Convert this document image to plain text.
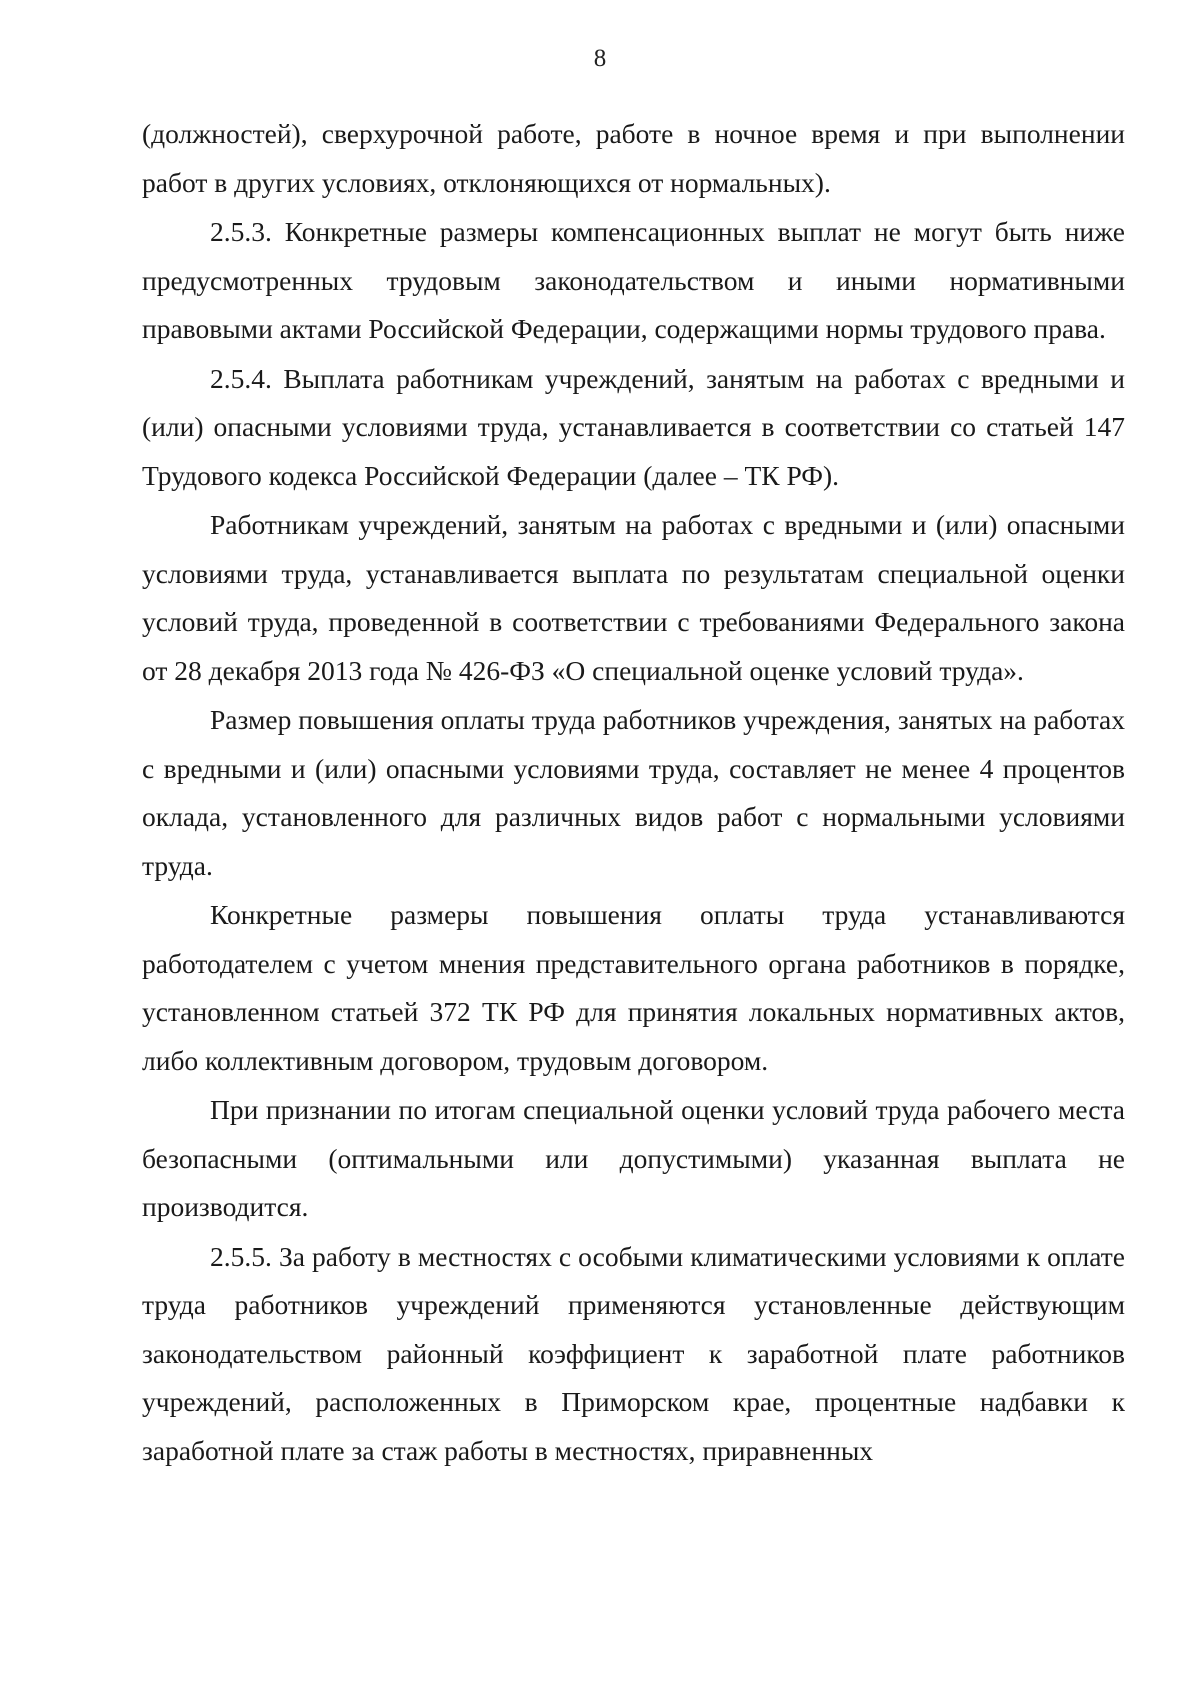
8

(должностей), сверхурочной работе, работе в ночное время и при выполнении работ в других условиях, отклоняющихся от нормальных).

2.5.3. Конкретные размеры компенсационных выплат не могут быть ниже предусмотренных трудовым законодательством и иными нормативными правовыми актами Российской Федерации, содержащими нормы трудового права.

2.5.4. Выплата работникам учреждений, занятым на работах с вредными и (или) опасными условиями труда, устанавливается в соответствии со статьей 147 Трудового кодекса Российской Федерации (далее – ТК РФ).

Работникам учреждений, занятым на работах с вредными и (или) опасными условиями труда, устанавливается выплата по результатам специальной оценки условий труда, проведенной в соответствии с требованиями Федерального закона от 28 декабря 2013 года № 426-ФЗ «О специальной оценке условий труда».

Размер повышения оплаты труда работников учреждения, занятых на работах с вредными и (или) опасными условиями труда, составляет не менее 4 процентов оклада, установленного для различных видов работ с нормальными условиями труда.

Конкретные размеры повышения оплаты труда устанавливаются работодателем с учетом мнения представительного органа работников в порядке, установленном статьей 372 ТК РФ для принятия локальных нормативных актов, либо коллективным договором, трудовым договором.

При признании по итогам специальной оценки условий труда рабочего места безопасными (оптимальными или допустимыми) указанная выплата не производится.

2.5.5. За работу в местностях с особыми климатическими условиями к оплате труда работников учреждений применяются установленные действующим законодательством районный коэффициент к заработной плате работников учреждений, расположенных в Приморском крае, процентные надбавки к заработной плате за стаж работы в местностях, приравненных
